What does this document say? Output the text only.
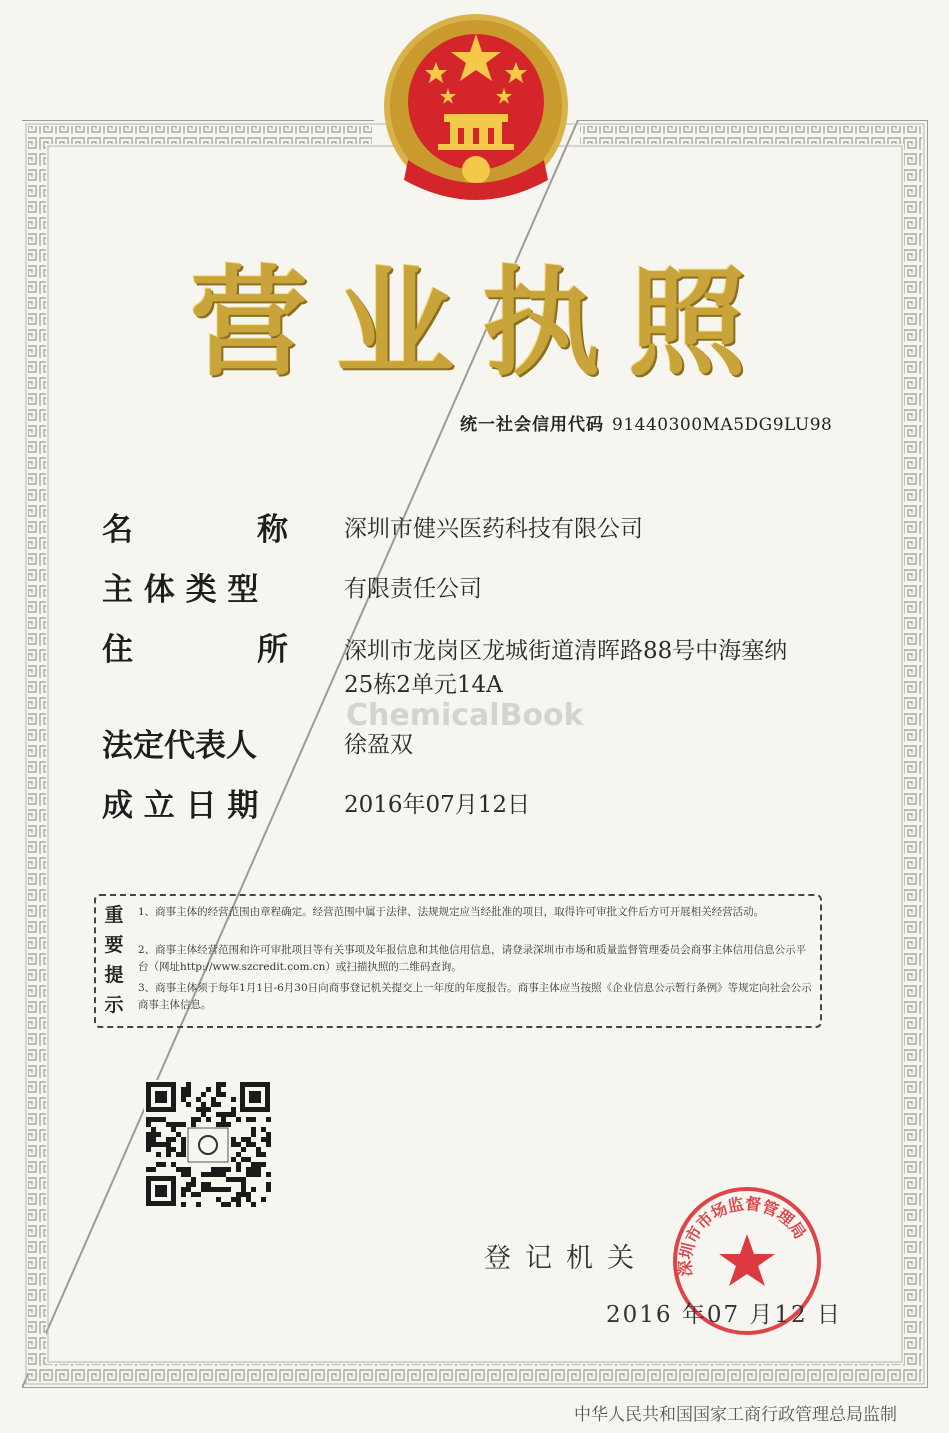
营业执照
统一社会信用代码 91440300MA5DG9LU98
名　　　　称 深圳市健兴医药科技有限公司
主 体 类 型	有限责任公司
住　　　　所 深圳市龙岗区龙城街道清晖路88号中海塞纳
25栋2单元14A
ChemicalBook
法定代表人	徐盈双
成 立 日 期	2016年07月12日
重
要
提
示
1、商事主体的经营范围由章程确定。经营范围中属于法律、法规规定应当经批准的项目，取得许可审批文件后方可开展相关经营活动。
2、商事主体经营范围和许可审批项目等有关事项及年报信息和其他信用信息，请登录深圳市市场和质量监督管理委员会商事主体信用信息公示平台（网址http://www.szcredit.com.cn）或扫描执照的二维码查询。
3、商事主体须于每年1月1日-6月30日向商事登记机关提交上一年度的年度报告。商事主体应当按照《企业信息公示暂行条例》等规定向社会公示商事主体信息。
登记机关 深圳市市场监督管理局
2016 年07 月12 日
中华人民共和国国家工商行政管理总局监制
